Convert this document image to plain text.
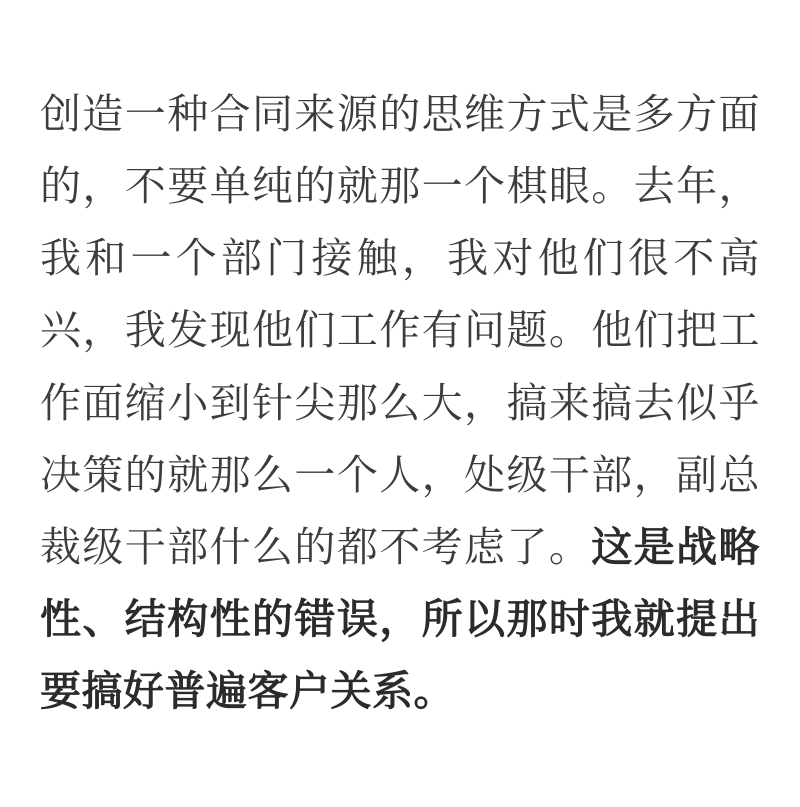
创造一种合同来源的思维方式是多方面的，不要单纯的就那一个棋眼。去年，我和一个部门接触，我对他们很不高兴，我发现他们工作有问题。他们把工作面缩小到针尖那么大，搞来搞去似乎决策的就那么一个人，处级干部，副总裁级干部什么的都不考虑了。这是战略性、结构性的错误，所以那时我就提出要搞好普遍客户关系。
